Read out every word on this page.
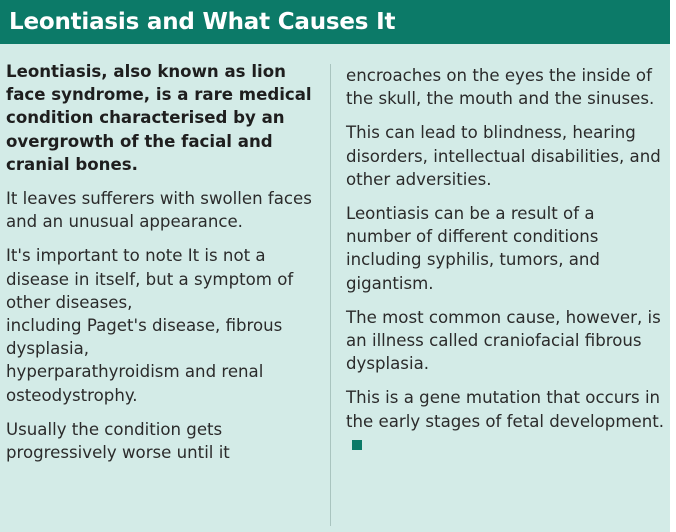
Leontiasis and What Causes It

Leontiasis, also known as lion face syndrome, is a rare medical condition characterised by an overgrowth of the facial and cranial bones.

It leaves sufferers with swollen faces and an unusual appearance.

It's important to note It is not a disease in itself, but a symptom of other diseases,
including Paget's disease, fibrous dysplasia,
hyperparathyroidism and renal osteodystrophy.

Usually the condition gets progressively worse until it

encroaches on the eyes the inside of the skull, the mouth and the sinuses.

This can lead to blindness, hearing disorders, intellectual disabilities, and other adversities.

Leontiasis can be a result of a number of different conditions including syphilis, tumors, and gigantism.

The most common cause, however, is an illness called craniofacial fibrous dysplasia.

This is a gene mutation that occurs in the early stages of fetal development.
